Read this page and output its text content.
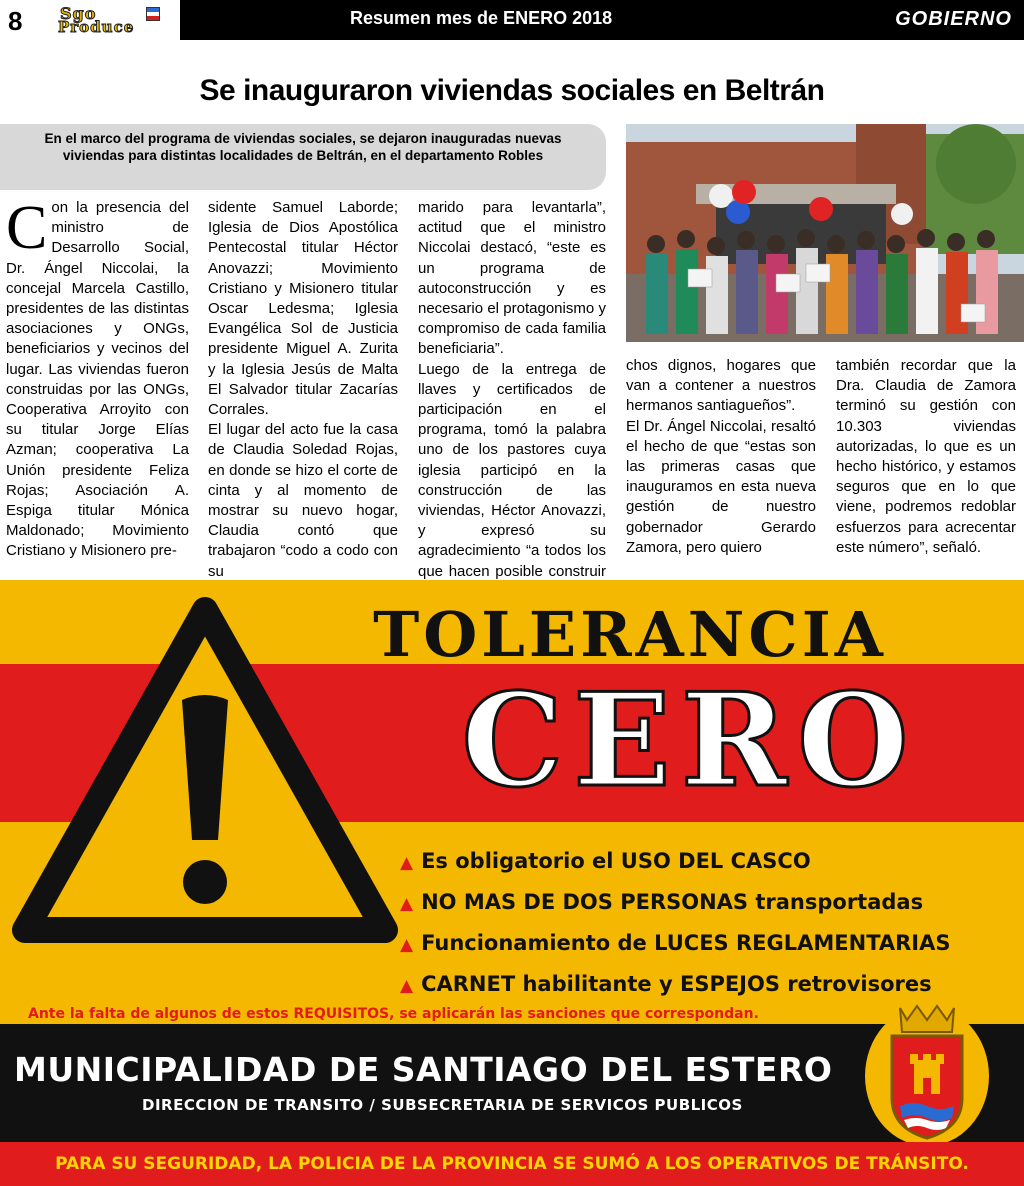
8 Sgo
Produce	Resumen mes de ENERO 2018	GOBIERNO
Se inauguraron viviendas sociales en Beltrán

En el marco del programa de viviendas sociales, se dejaron inauguradas nuevas viviendas para distintas localidades de Beltrán, en el departamento Robles

C on la presencia del ministro de Desarrollo Social, Dr. Ángel Niccolai, la concejal Marcela Castillo, presidentes de las distintas asociaciones y ONGs, beneficiarios y vecinos del lugar. Las viviendas fueron construidas por las ONGs, Cooperativa Arroyito con su titular Jorge Elías Azman; cooperativa La Unión presidente Feliza Rojas; Asociación A. Espiga titular Mónica Maldonado; Movimiento Cristiano y Misionero pre-

sidente Samuel Laborde; Iglesia de Dios Apostólica Pentecostal titular Héctor Anovazzi; Movimiento Cristiano y Misionero titular Oscar Ledesma; Iglesia Evangélica Sol de Justicia presidente Miguel A. Zurita y la Iglesia Jesús de Malta El Salvador titular Zacarías Corrales.

El lugar del acto fue la casa de Claudia Soledad Rojas, en donde se hizo el corte de cinta y al momento de mostrar su nuevo hogar, Claudia contó que trabajaron “codo a codo con su

marido para levantarla”, actitud que el ministro Niccolai destacó, “este es un programa de autoconstrucción y es necesario el protagonismo y compromiso de cada familia beneficiaria”.

Luego de la entrega de llaves y certificados de participación en el programa, tomó la palabra uno de los pastores cuya iglesia participó en la construcción de las viviendas, Héctor Anovazzi, y expresó su agradecimiento “a todos los que hacen posible construir

chos dignos, hogares que van a contener a nuestros hermanos santiagueños”.

El Dr. Ángel Niccolai, resaltó el hecho de que “estas son las primeras casas que inauguramos en esta nueva gestión de nuestro gobernador Gerardo Zamora, pero quiero

también recordar que la Dra. Claudia de Zamora terminó su gestión con 10.303 viviendas autorizadas, lo que es un hecho histórico, y estamos seguros que en lo que viene, podremos redoblar esfuerzos para acrecentar este número”, señaló.

TOLERANCIA
CERO
▲ Es obligatorio el USO DEL CASCO
▲ NO MAS DE DOS PERSONAS transportadas
▲ Funcionamiento de LUCES REGLAMENTARIAS
▲ CARNET habilitante y ESPEJOS retrovisores
Ante la falta de algunos de estos REQUISITOS, se aplicarán las sanciones que correspondan.
MUNICIPALIDAD DE SANTIAGO DEL ESTERO
DIRECCION DE TRANSITO / SUBSECRETARIA DE SERVICOS PUBLICOS
PARA SU SEGURIDAD, LA POLICIA DE LA PROVINCIA SE SUMÓ A LOS OPERATIVOS DE TRÁNSITO.
